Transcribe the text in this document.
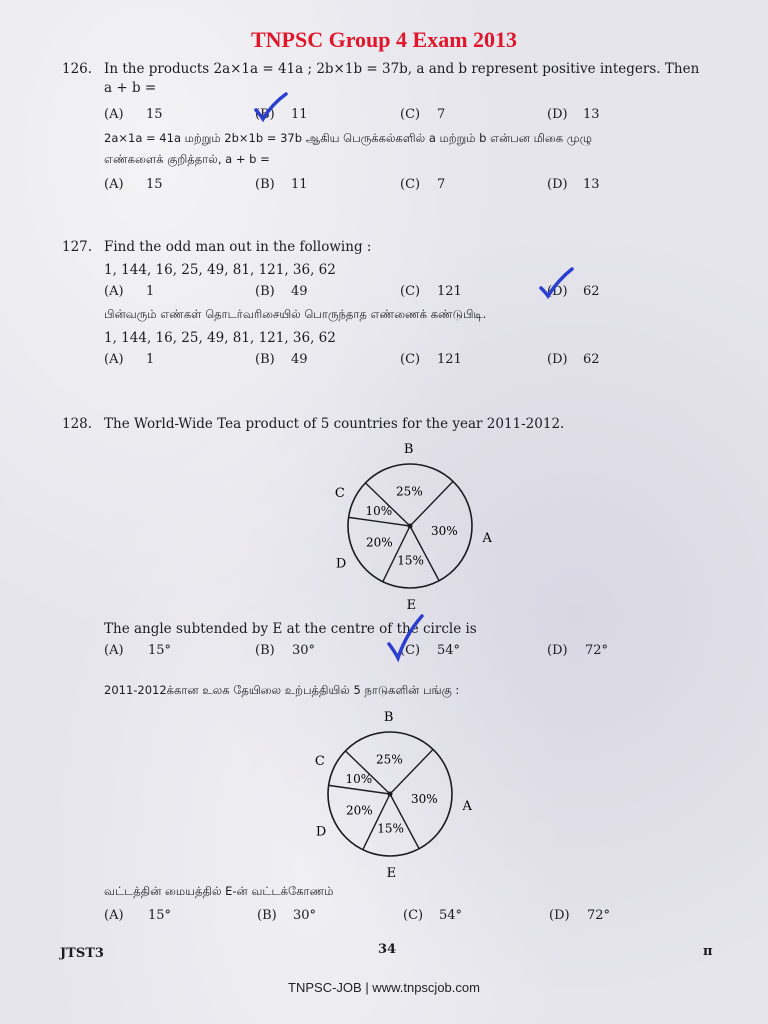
TNPSC Group 4 Exam 2013
126. In the products 2a×1a = 41a ; 2b×1b = 37b, a and b represent positive integers. Then
a + b =
(A) 15	(B) 11	(C) 7	(D) 13
2a×1a = 41a மற்றும் 2b×1b = 37b ஆகிய பெருக்கல்களில் a மற்றும் b என்பன மிகை முழு
எண்களைக் குறித்தால், a + b =
(A) 15	(B) 11	(C) 7	(D) 13
127. Find the odd man out in the following :
1, 144, 16, 25, 49, 81, 121, 36, 62
(A) 1	(B) 49	(C) 121	(D) 62
பின்வரும் எண்கள் தொடர்வரிசையில் பொருந்தாத எண்ணைக் கண்டுபிடி.
1, 144, 16, 25, 49, 81, 121, 36, 62
(A) 1	(B) 49	(C) 121	(D) 62
128. The World-Wide Tea product of 5 countries for the year 2011-2012.
30%
A
25%
B
10%
C
20%
D	15%
E
The angle subtended by E at the centre of the circle is
(A) 15°	(B) 30°	(C) 54°	(D) 72°
2011-2012க்கான உலக தேயிலை உற்பத்தியில் 5 நாடுகளின் பங்கு :
30%
A
25%
B
10%
C
20%
D	15%
E
வட்டத்தின் மையத்தில் E-ன் வட்டக்கோணம்
(A) 15°	(B) 30°	(C) 54°	(D) 72°
JTST3	34	π
TNPSC-JOB | www.tnpscjob.com
